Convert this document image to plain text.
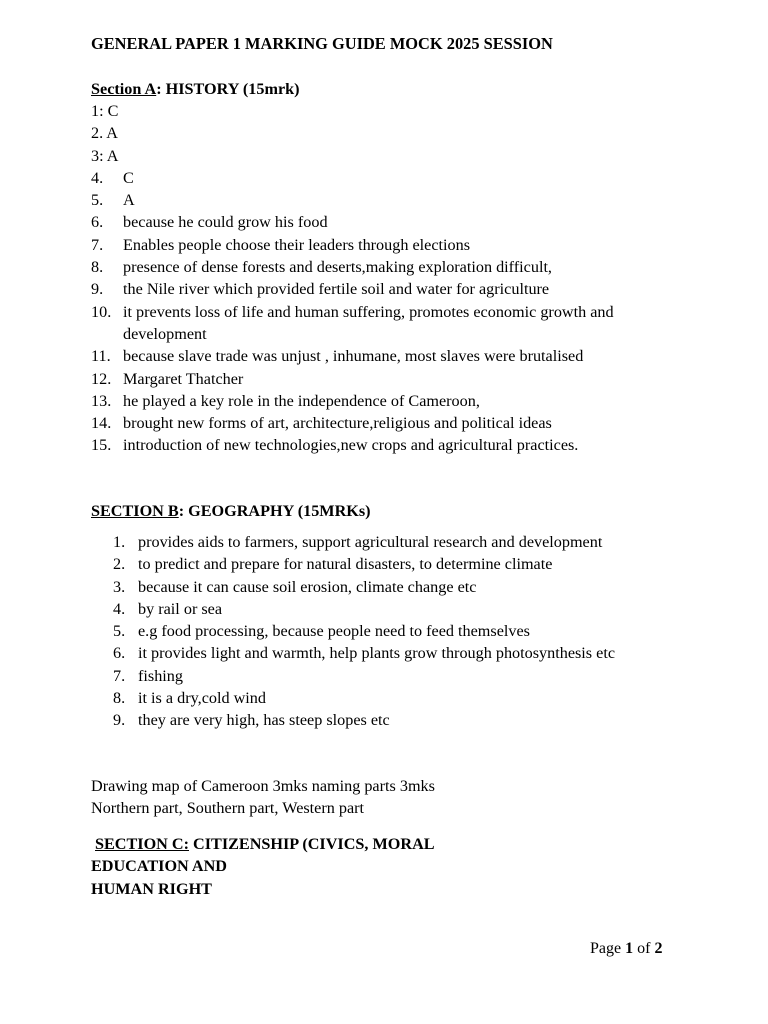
GENERAL PAPER 1 MARKING GUIDE MOCK 2025 SESSION
Section A: HISTORY (15mrk)
1: C
2. A
3: A
4. C
5. A
6. because he could grow his food
7. Enables people choose their leaders through elections
8. presence of dense forests and deserts,making exploration difficult,
9. the Nile river which provided fertile soil and water for agriculture
10. it prevents loss of life and human suffering, promotes economic growth and development
11. because slave trade was unjust , inhumane, most slaves were brutalised
12. Margaret Thatcher
13. he played a key role in the independence of Cameroon,
14. brought new forms of art, architecture,religious and political ideas
15. introduction of new technologies,new crops and agricultural practices.
SECTION B: GEOGRAPHY (15MRKs)
1. provides aids to farmers, support agricultural research and development
2. to predict and prepare for natural disasters, to determine climate
3. because it can cause soil erosion, climate change etc
4. by rail or sea
5. e.g food processing, because people need to feed themselves
6. it provides light and warmth, help plants grow through photosynthesis etc
7. fishing
8. it is a dry,cold wind
9. they are very high, has steep slopes etc
Drawing map of Cameroon 3mks naming parts 3mks
Northern part, Southern part, Western part
SECTION C: CITIZENSHIP (CIVICS, MORAL
EDUCATION AND
HUMAN RIGHT
Page 1 of 2
